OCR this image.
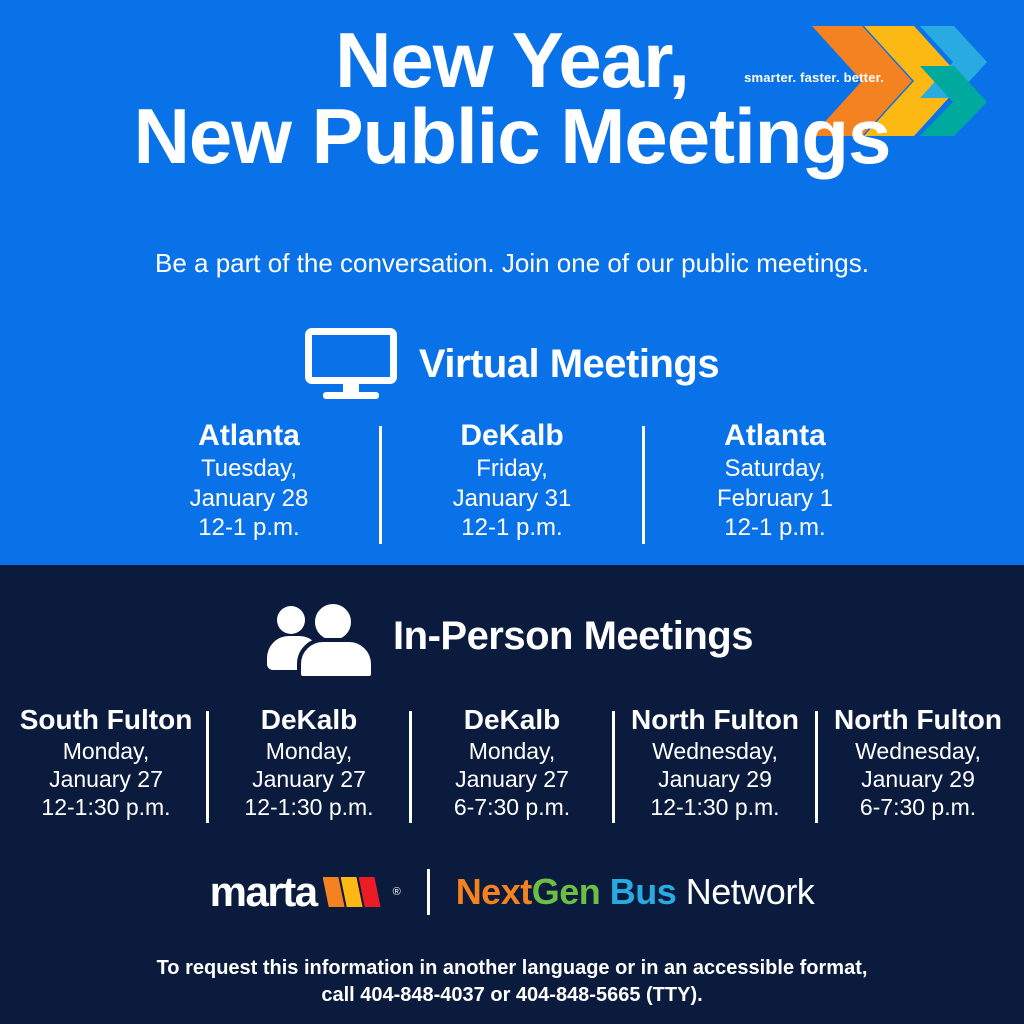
smarter. faster. better.
New Year,
New Public Meetings
Be a part of the conversation. Join one of our public meetings.
Virtual Meetings
Atlanta
Tuesday,
January 28
12-1 p.m.
DeKalb
Friday,
January 31
12-1 p.m.
Atlanta
Saturday,
February 1
12-1 p.m.
In-Person Meetings
South Fulton
Monday,
January 27
12-1:30 p.m.
DeKalb
Monday,
January 27
12-1:30 p.m.
DeKalb
Monday,
January 27
6-7:30 p.m.
North Fulton
Wednesday,
January 29
12-1:30 p.m.
North Fulton
Wednesday,
January 29
6-7:30 p.m.
marta	® NextGen Bus Network
To request this information in another language or in an accessible format,
call 404-848-4037 or 404-848-5665 (TTY).
